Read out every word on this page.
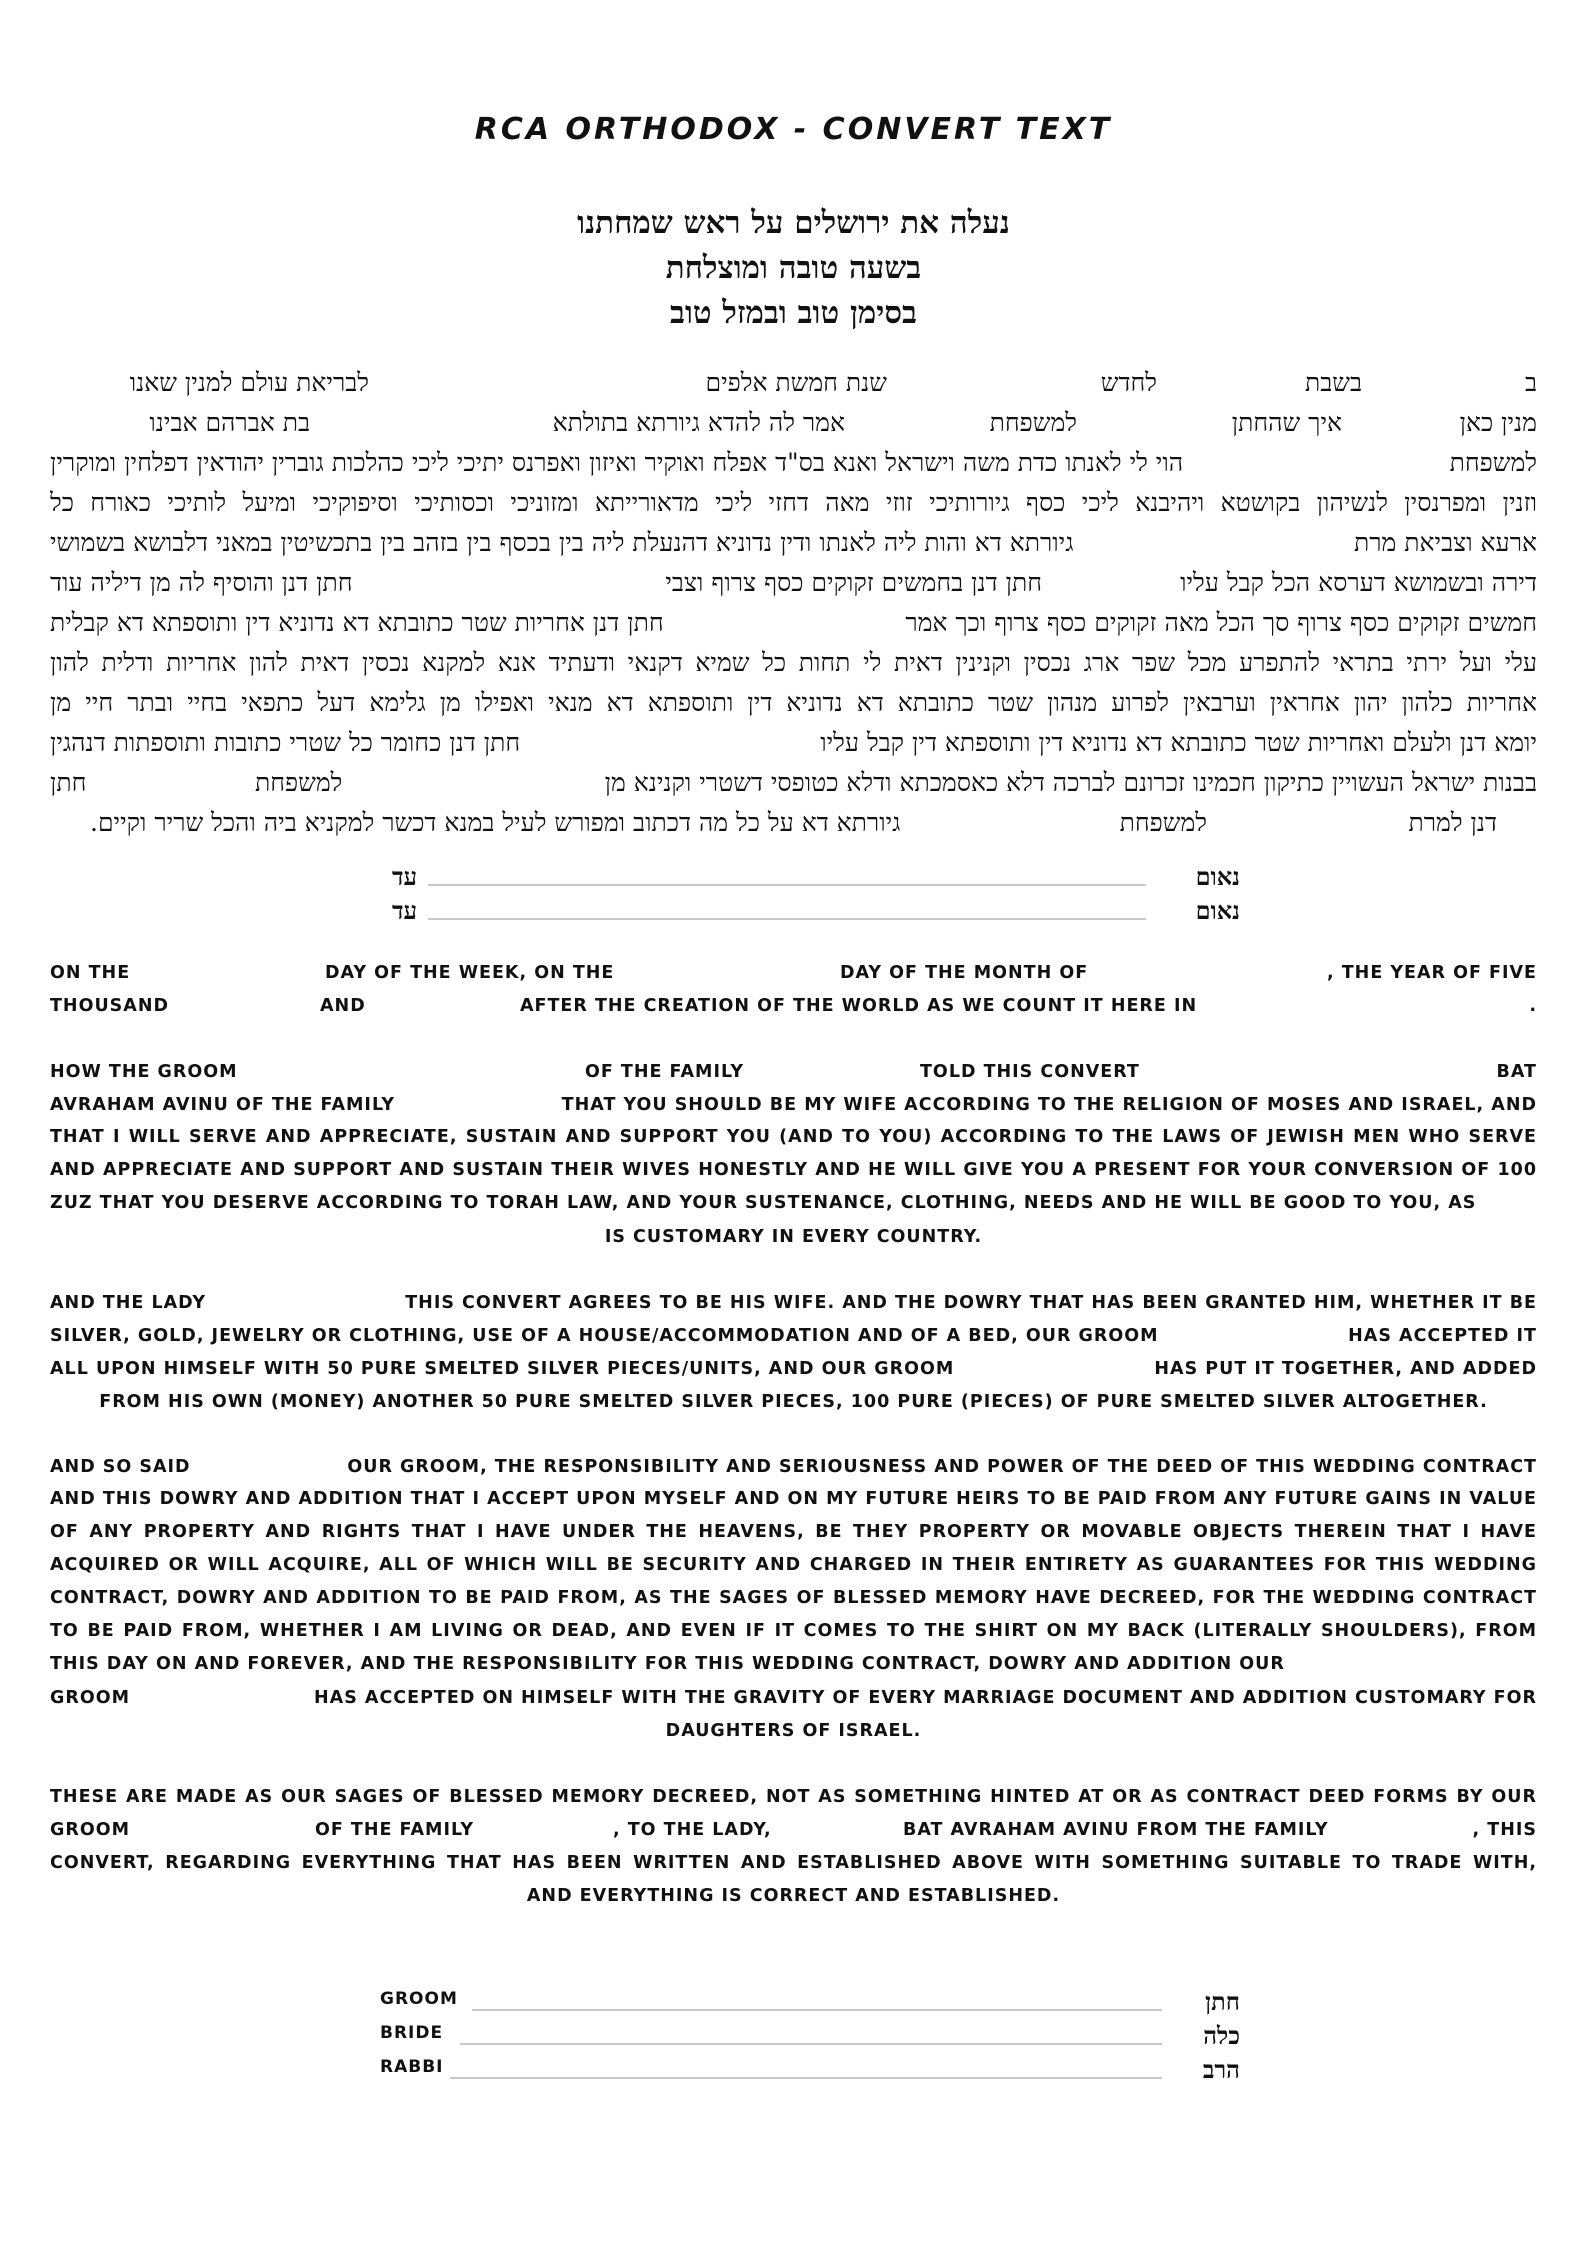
RCA ORTHODOX - CONVERT TEXT
נעלה את ירושלים על ראש שמחתנו
בשעה טובה ומוצלחת
בסימן טוב ובמזל טוב
ב
בשבת
לחדש
שנת חמשת אלפים
לבריאת עולם למנין שאנו
מנין כאן
איך שהחתן
למשפחת
אמר לה להדא גיורתא בתולתא
בת אברהם אבינו
למשפחת
הוי לי לאנתו כדת משה וישראל ואנא בס"ד אפלח ואוקיר ואיזון ואפרנס יתיכי ליכי כהלכות גוברין יהודאין דפלחין ומוקרין
וזנין ומפרנסין לנשיהון בקושטא ויהיבנא ליכי כסף גיורותיכי זוזי מאה דחזי ליכי מדאורייתא ומזוניכי וכסותיכי וסיפוקיכי ומיעל לותיכי כאורח כל
ארעא וצביאת מרת
גיורתא דא והות ליה לאנתו ודין נדוניא דהנעלת ליה בין בכסף בין בזהב בין בתכשיטין במאני דלבושא בשמושי
דירה ובשמושא דערסא הכל קבל עליו
חתן דנן בחמשים זקוקים כסף צרוף וצבי
חתן דנן והוסיף לה מן דיליה עוד
חמשים זקוקים כסף צרוף סך הכל מאה זקוקים כסף צרוף וכך אמר
חתן דנן אחריות שטר כתובתא דא נדוניא דין ותוספתא דא קבלית
עלי ועל ירתי בתראי להתפרע מכל שפר ארג נכסין וקנינין דאית לי תחות כל שמיא דקנאי ודעתיד אנא למקנא נכסין דאית להון אחריות ודלית להון
אחריות כלהון יהון אחראין וערבאין לפרוע מנהון שטר כתובתא דא נדוניא דין ותוספתא דא מנאי ואפילו מן גלימא דעל כתפאי בחיי ובתר חיי מן
יומא דנן ולעלם ואחריות שטר כתובתא דא נדוניא דין ותוספתא דין קבל עליו
חתן דנן כחומר כל שטרי כתובות ותוספתות דנהגין
בבנות ישראל העשויין כתיקון חכמינו זכרונם לברכה דלא כאסמכתא ודלא כטופסי דשטרי וקנינא מן
למשפחת
חתן
דנן למרת
למשפחת
גיורתא דא על כל מה דכתוב ומפורש לעיל במנא דכשר למקניא ביה והכל שריר וקיים.
עד	נאום
עד	נאום
ON THE	DAY OF THE WEEK, ON THE	DAY OF THE MONTH OF	, THE YEAR OF FIVE
THOUSAND	AND	AFTER THE CREATION OF THE WORLD AS WE COUNT IT HERE IN	.
HOW THE GROOM	OF THE FAMILY	TOLD THIS CONVERT	BAT
AVRAHAM AVINU OF THE FAMILY	THAT YOU SHOULD BE MY WIFE ACCORDING TO THE RELIGION OF MOSES AND ISRAEL, AND
THAT I WILL SERVE AND APPRECIATE, SUSTAIN AND SUPPORT YOU (AND TO YOU) ACCORDING TO THE LAWS OF JEWISH MEN WHO SERVE AND APPRECIATE AND SUPPORT AND SUSTAIN THEIR WIVES HONESTLY AND HE WILL GIVE YOU A PRESENT FOR YOUR CONVERSION OF 100 ZUZ THAT YOU DESERVE ACCORDING TO TORAH LAW, AND YOUR SUSTENANCE, CLOTHING, NEEDS AND HE WILL BE GOOD TO YOU, AS
IS CUSTOMARY IN EVERY COUNTRY.
AND THE LADY	THIS CONVERT AGREES TO BE HIS WIFE. AND THE DOWRY THAT HAS BEEN GRANTED HIM, WHETHER IT BE
SILVER, GOLD, JEWELRY OR CLOTHING, USE OF A HOUSE/ACCOMMODATION AND OF A BED, OUR GROOM	HAS ACCEPTED IT
ALL UPON HIMSELF WITH 50 PURE SMELTED SILVER PIECES/UNITS, AND OUR GROOM	HAS PUT IT TOGETHER, AND ADDED
FROM HIS OWN (MONEY) ANOTHER 50 PURE SMELTED SILVER PIECES, 100 PURE (PIECES) OF PURE SMELTED SILVER ALTOGETHER.
AND SO SAID	OUR GROOM, THE RESPONSIBILITY AND SERIOUSNESS AND POWER OF THE DEED OF THIS WEDDING CONTRACT
AND THIS DOWRY AND ADDITION THAT I ACCEPT UPON MYSELF AND ON MY FUTURE HEIRS TO BE PAID FROM ANY FUTURE GAINS IN VALUE OF ANY PROPERTY AND RIGHTS THAT I HAVE UNDER THE HEAVENS, BE THEY PROPERTY OR MOVABLE OBJECTS THEREIN THAT I HAVE ACQUIRED OR WILL ACQUIRE, ALL OF WHICH WILL BE SECURITY AND CHARGED IN THEIR ENTIRETY AS GUARANTEES FOR THIS WEDDING CONTRACT, DOWRY AND ADDITION TO BE PAID FROM, AS THE SAGES OF BLESSED MEMORY HAVE DECREED, FOR THE WEDDING CONTRACT TO BE PAID FROM, WHETHER I AM LIVING OR DEAD, AND EVEN IF IT COMES TO THE SHIRT ON MY BACK (LITERALLY SHOULDERS), FROM THIS DAY ON AND FOREVER, AND THE RESPONSIBILITY FOR THIS WEDDING CONTRACT, DOWRY AND ADDITION OUR
GROOM	HAS ACCEPTED ON HIMSELF WITH THE GRAVITY OF EVERY MARRIAGE DOCUMENT AND ADDITION CUSTOMARY FOR
DAUGHTERS OF ISRAEL.
THESE ARE MADE AS OUR SAGES OF BLESSED MEMORY DECREED, NOT AS SOMETHING HINTED AT OR AS CONTRACT DEED FORMS BY OUR
GROOM	OF THE FAMILY	, TO THE LADY,	BAT AVRAHAM AVINU FROM THE FAMILY	, THIS
CONVERT, REGARDING EVERYTHING THAT HAS BEEN WRITTEN AND ESTABLISHED ABOVE WITH SOMETHING SUITABLE TO TRADE WITH,
AND EVERYTHING IS CORRECT AND ESTABLISHED.
GROOM	חתן
BRIDE	כלה
RABBI	הרב
